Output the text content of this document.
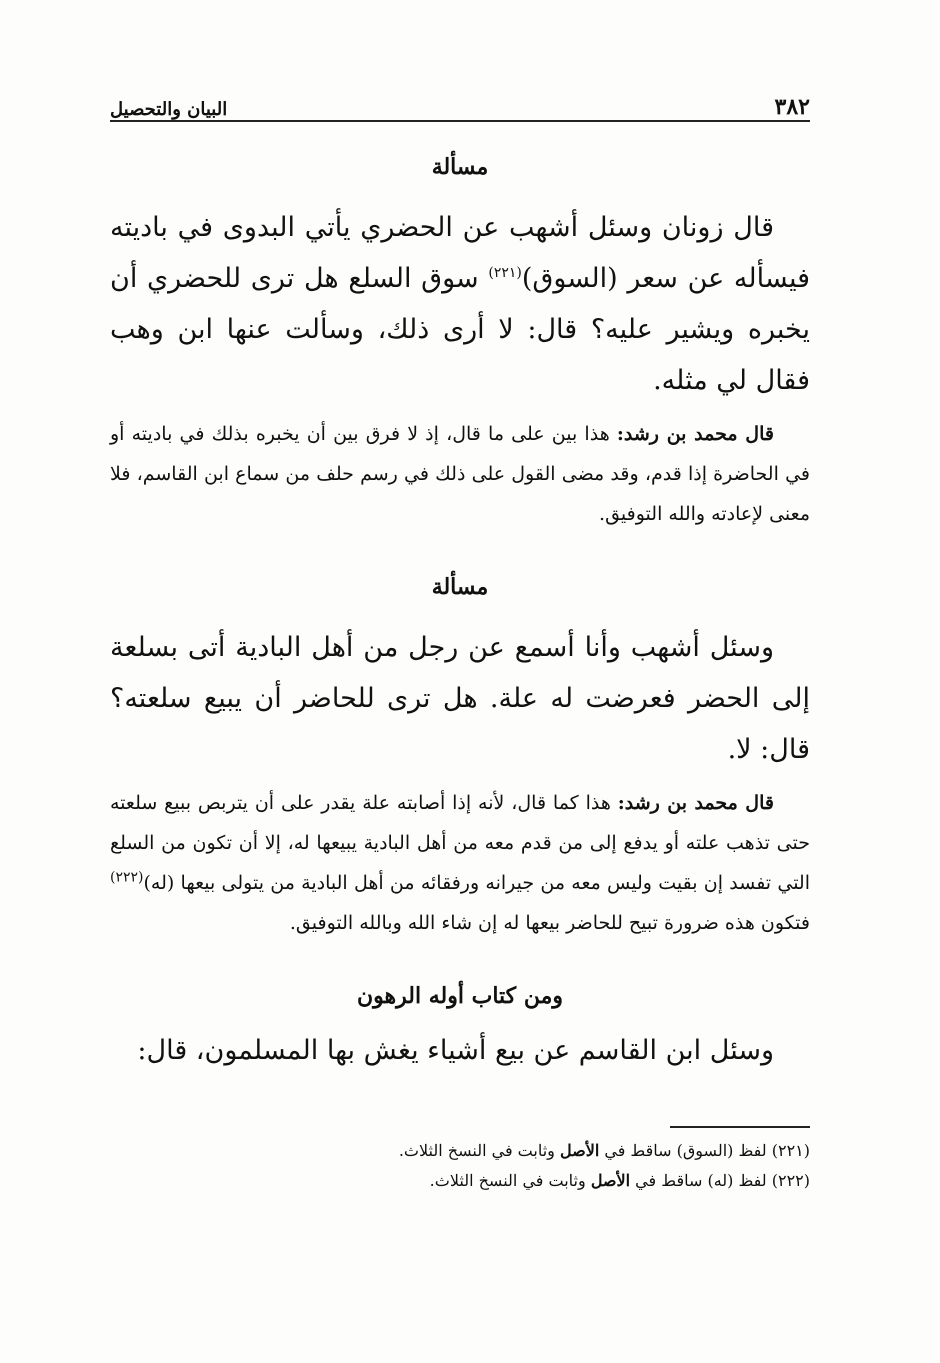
٣٨٢
البيان والتحصيل
مسألة

قال زونان وسئل أشهب عن الحضري يأتي البدوى في باديته فيسأله عن سعر (السوق)$^{(٢٢١)}$ سوق السلع هل ترى للحضري أن يخبره ويشير عليه؟ قال: لا أرى ذلك، وسألت عنها ابن وهب فقال لي مثله.

قال محمد بن رشد: هذا بين على ما قال، إذ لا فرق بين أن يخبره بذلك في باديته أو في الحاضرة إذا قدم، وقد مضى القول على ذلك في رسم حلف من سماع ابن القاسم، فلا معنى لإعادته والله التوفيق.

مسألة

وسئل أشهب وأنا أسمع عن رجل من أهل البادية أتى بسلعة إلى الحضر فعرضت له علة. هل ترى للحاضر أن يبيع سلعته؟ قال: لا.

قال محمد بن رشد: هذا كما قال، لأنه إذا أصابته علة يقدر على أن يتربص ببيع سلعته حتى تذهب علته أو يدفع إلى من قدم معه من أهل البادية يبيعها له، إلا أن تكون من السلع التي تفسد إن بقيت وليس معه من جيرانه ورفقائه من أهل البادية من يتولى بيعها (له)$^{(٢٢٢)}$ فتكون هذه ضرورة تبيح للحاضر بيعها له إن شاء الله وبالله التوفيق.

ومن كتاب أوله الرهون

وسئل ابن القاسم عن بيع أشياء يغش بها المسلمون، قال:

(٢٢١) لفظ (السوق) ساقط في الأصل وثابت في النسخ الثلاث.

(٢٢٢) لفظ (له) ساقط في الأصل وثابت في النسخ الثلاث.
